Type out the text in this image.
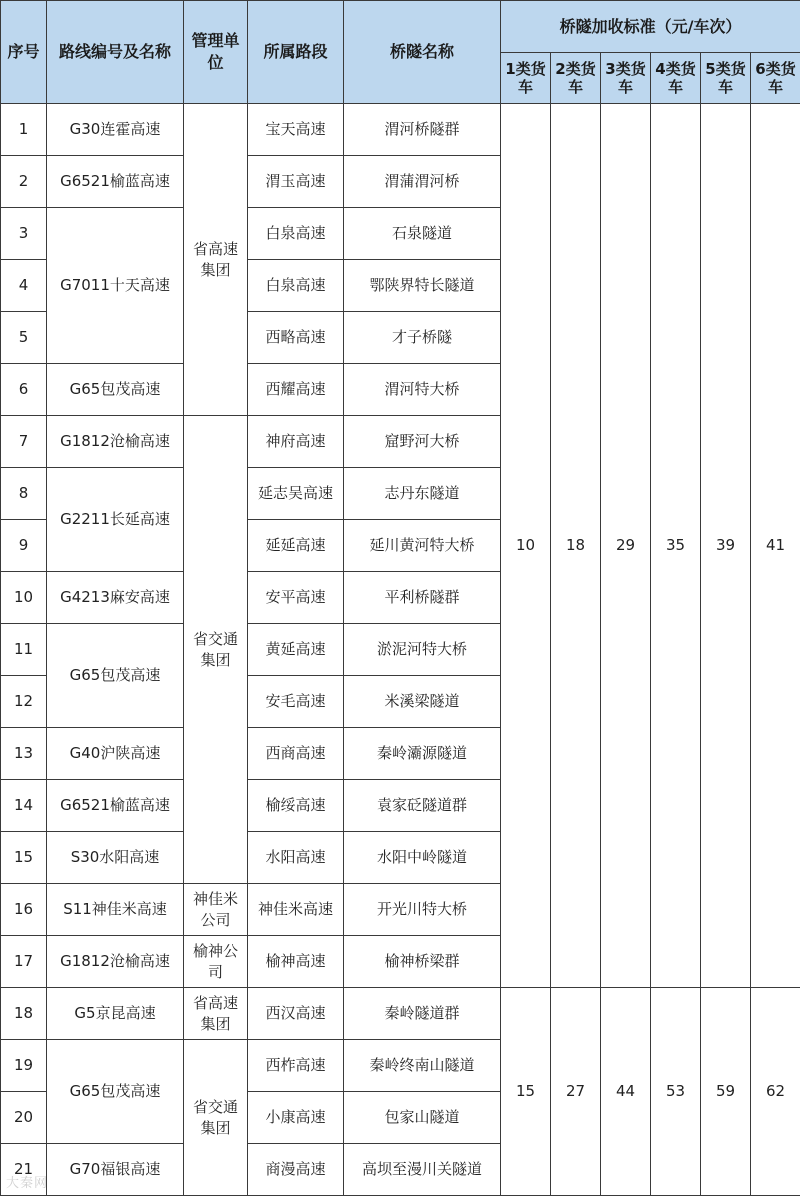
序号	路线编号及名称	管理单位	所属路段	桥隧名称	桥隧加收标准（元/车次）					
					1类货车	2类货车	3类货车	4类货车	5类货车	6类货车
1	G30连霍高速	省高速集团	宝天高速	渭河桥隧群	10	18	29	35	39	41
2	G6521榆蓝高速		渭玉高速	渭蒲渭河桥						
3	G7011十天高速		白泉高速	石泉隧道						
4			白泉高速	鄂陕界特长隧道						
5			西略高速	才子桥隧						
6	G65包茂高速		西耀高速	渭河特大桥						
7	G1812沧榆高速	省交通集团	神府高速	窟野河大桥						
8	G2211长延高速		延志吴高速	志丹东隧道						
9			延延高速	延川黄河特大桥						
10	G4213麻安高速		安平高速	平利桥隧群						
11	G65包茂高速		黄延高速	淤泥河特大桥						
12			安毛高速	米溪梁隧道						
13	G40沪陕高速		西商高速	秦岭灞源隧道						
14	G6521榆蓝高速		榆绥高速	袁家砭隧道群						
15	S30水阳高速		水阳高速	水阳中岭隧道						
16	S11神佳米高速	神佳米公司	神佳米高速	开光川特大桥						
17	G1812沧榆高速	榆神公司	榆神高速	榆神桥梁群						
18	G5京昆高速	省高速集团	西汉高速	秦岭隧道群	15	27	44	53	59	62
19	G65包茂高速	省交通集团	西柞高速	秦岭终南山隧道						
20			小康高速	包家山隧道						
21	G70福银高速		商漫高速	高坝至漫川关隧道						
大秦网
